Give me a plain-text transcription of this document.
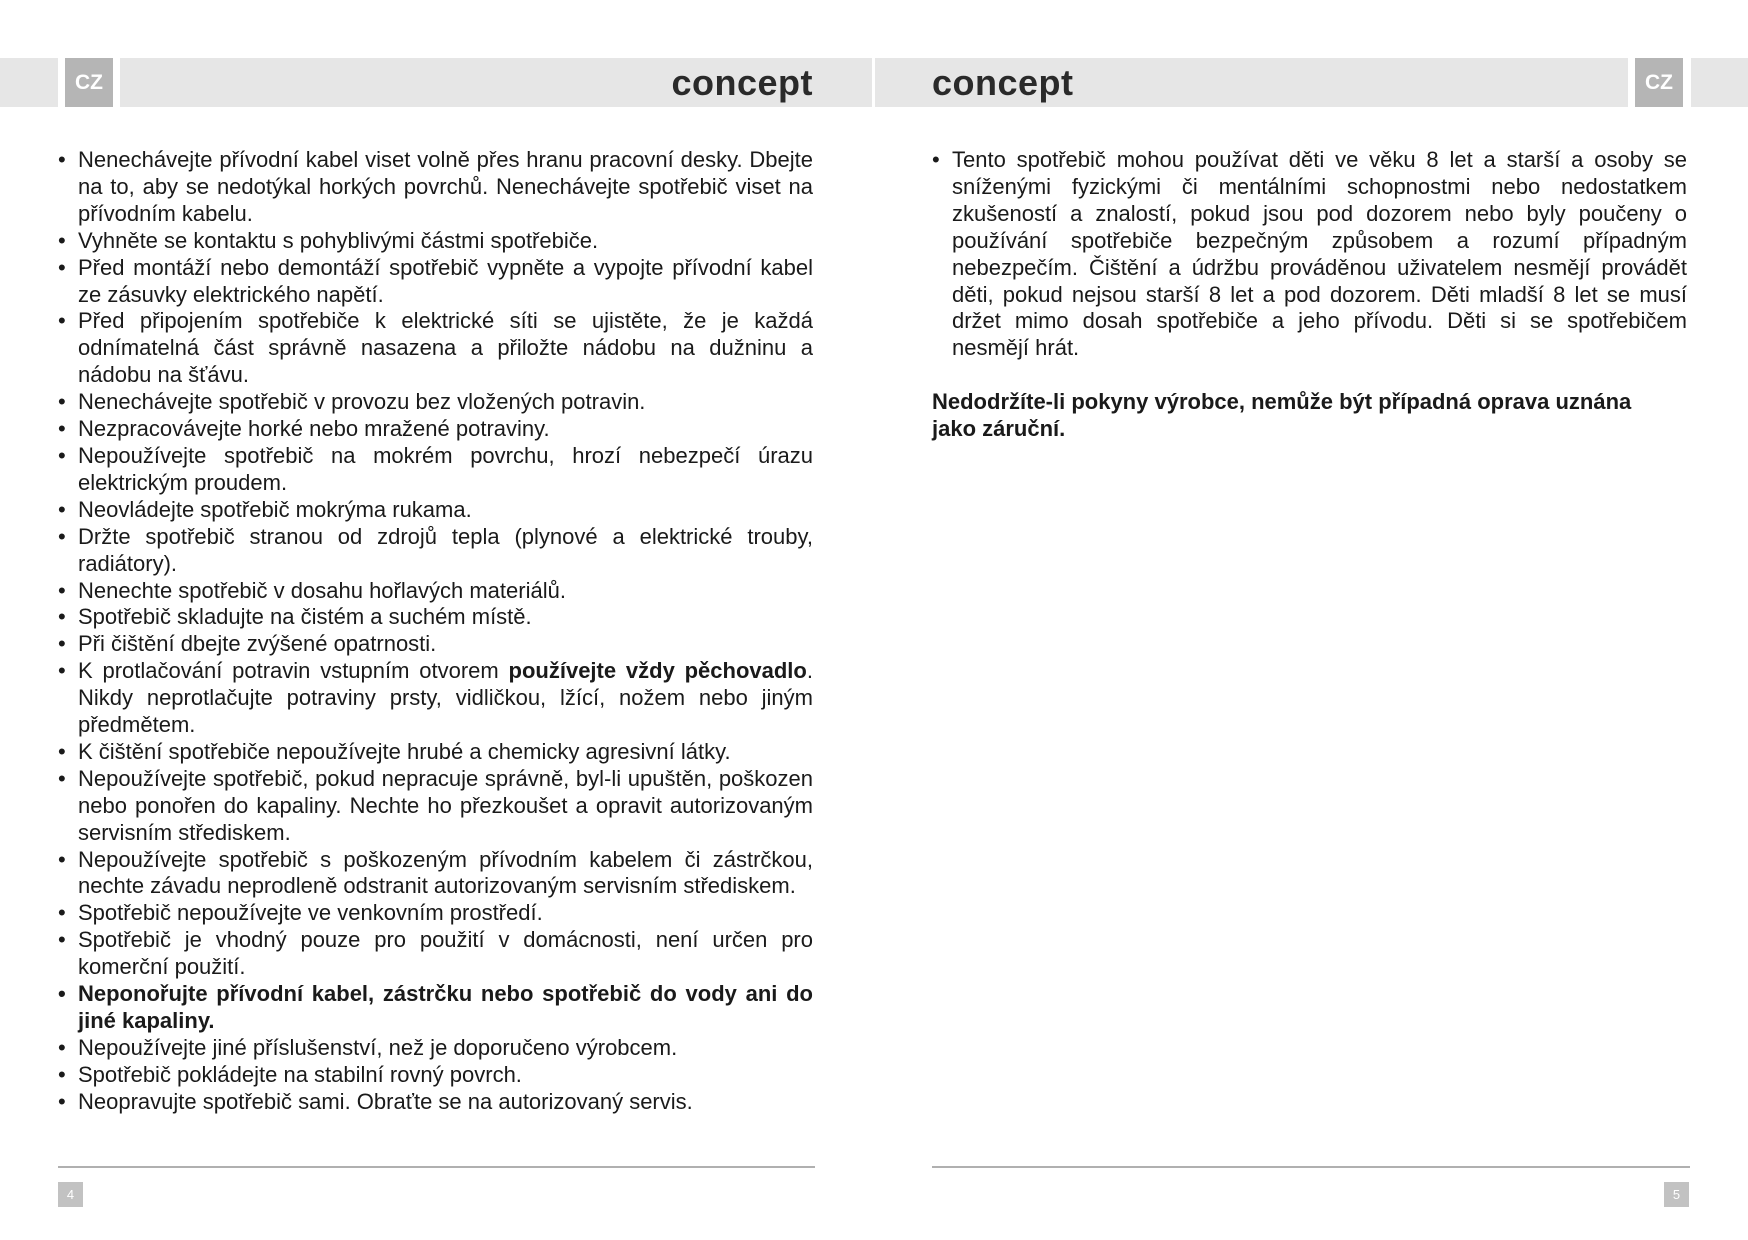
CZ	CZ
concept	concept
• Nenechávejte přívodní kabel viset volně přes hranu pracovní desky. Dbejte na to, aby se nedotýkal horkých povrchů. Nenechávejte spotřebič viset na přívodním kabelu.
• Vyhněte se kontaktu s pohyblivými částmi spotřebiče.
• Před montáží nebo demontáží spotřebič vypněte a vypojte přívodní kabel ze zásuvky elektrického napětí.
• Před připojením spotřebiče k elektrické síti se ujistěte, že je každá odnímatelná část správně nasazena a přiložte nádobu na dužninu a nádobu na šťávu.
• Nenechávejte spotřebič v provozu bez vložených potravin.
• Nezpracovávejte horké nebo mražené potraviny.
• Nepoužívejte spotřebič na mokrém povrchu, hrozí nebezpečí úrazu elektrickým proudem.
• Neovládejte spotřebič mokrýma rukama.
• Držte spotřebič stranou od zdrojů tepla (plynové a elektrické trouby, radiátory).
• Nenechte spotřebič v dosahu hořlavých materiálů.
• Spotřebič skladujte na čistém a suchém místě.
• Při čištění dbejte zvýšené opatrnosti.
• K protlačování potravin vstupním otvorem používejte vždy pěchovadlo. Nikdy neprotlačujte potraviny prsty, vidličkou, lžící, nožem nebo jiným předmětem.
• K čištění spotřebiče nepoužívejte hrubé a chemicky agresivní látky.
• Nepoužívejte spotřebič, pokud nepracuje správně, byl-li upuštěn, poškozen nebo ponořen do kapaliny. Nechte ho přezkoušet a opravit autorizovaným servisním střediskem.
• Nepoužívejte spotřebič s poškozeným přívodním kabelem či zástrčkou, nechte závadu neprodleně odstranit autorizovaným servisním střediskem.
• Spotřebič nepoužívejte ve venkovním prostředí.
• Spotřebič je vhodný pouze pro použití v domácnosti, není určen pro komerční použití.
• Neponořujte přívodní kabel, zástrčku nebo spotřebič do vody ani do jiné kapaliny.
• Nepoužívejte jiné příslušenství, než je doporučeno výrobcem.
• Spotřebič pokládejte na stabilní rovný povrch.
• Neopravujte spotřebič sami. Obraťte se na autorizovaný servis.
• Tento spotřebič mohou používat děti ve věku 8 let a starší a osoby se sníženými fyzickými či mentálními schopnostmi nebo nedostatkem zkušeností a znalostí, pokud jsou pod dozorem nebo byly poučeny o používání spotřebiče bezpečným způsobem a rozumí případným nebezpečím. Čištění a údržbu prováděnou uživatelem nesmějí provádět děti, pokud nejsou starší 8 let a pod dozorem. Děti mladší 8 let se musí držet mimo dosah spotřebiče a jeho přívodu. Děti si se spotřebičem nesmějí hrát.

Nedodržíte-li pokyny výrobce, nemůže být případná oprava uznána jako záruční.

4	5
